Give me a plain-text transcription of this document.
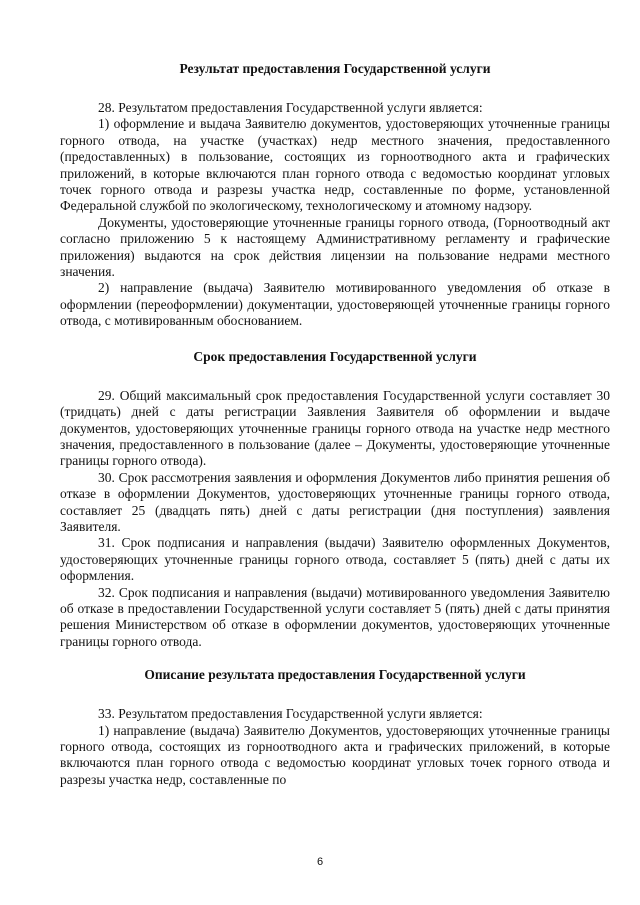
Результат предоставления Государственной услуги

28. Результатом предоставления Государственной услуги является:

1) оформление и выдача Заявителю документов, удостоверяющих уточненные границы горного отвода, на участке (участках) недр местного значения, предоставленного (предоставленных) в пользование, состоящих из горноотводного акта и графических приложений, в которые включаются план горного отвода с ведомостью координат угловых точек горного отвода и разрезы участка недр, составленные по форме, установленной Федеральной службой по экологическому, технологическому и атомному надзору.

Документы, удостоверяющие уточненные границы горного отвода, (Горноотводный акт согласно приложению 5 к настоящему Административному регламенту и графические приложения) выдаются на срок действия лицензии на пользование недрами местного значения.

2) направление (выдача) Заявителю мотивированного уведомления об отказе в оформлении (переоформлении) документации, удостоверяющей уточненные границы горного отвода, с мотивированным обоснованием.

Срок предоставления Государственной услуги

29. Общий максимальный срок предоставления Государственной услуги составляет 30 (тридцать) дней с даты регистрации Заявления Заявителя об оформлении и выдаче документов, удостоверяющих уточненные границы горного отвода на участке недр местного значения, предоставленного в пользование (далее – Документы, удостоверяющие уточненные границы горного отвода).

30. Срок рассмотрения заявления и оформления Документов либо принятия решения об отказе в оформлении Документов, удостоверяющих уточненные границы горного отвода, составляет 25 (двадцать пять) дней с даты регистрации (дня поступления) заявления Заявителя.

31. Срок подписания и направления (выдачи) Заявителю оформленных Документов, удостоверяющих уточненные границы горного отвода, составляет 5 (пять) дней с даты их оформления.

32. Срок подписания и направления (выдачи) мотивированного уведомления Заявителю об отказе в предоставлении Государственной услуги составляет 5 (пять) дней с даты принятия решения Министерством об отказе в оформлении документов, удостоверяющих уточненные границы горного отвода.

Описание результата предоставления Государственной услуги

33. Результатом предоставления Государственной услуги является:

1) направление (выдача) Заявителю Документов, удостоверяющих уточненные границы горного отвода, состоящих из горноотводного акта и графических приложений, в которые включаются план горного отвода с ведомостью координат угловых точек горного отвода и разрезы участка недр, составленные по

6
